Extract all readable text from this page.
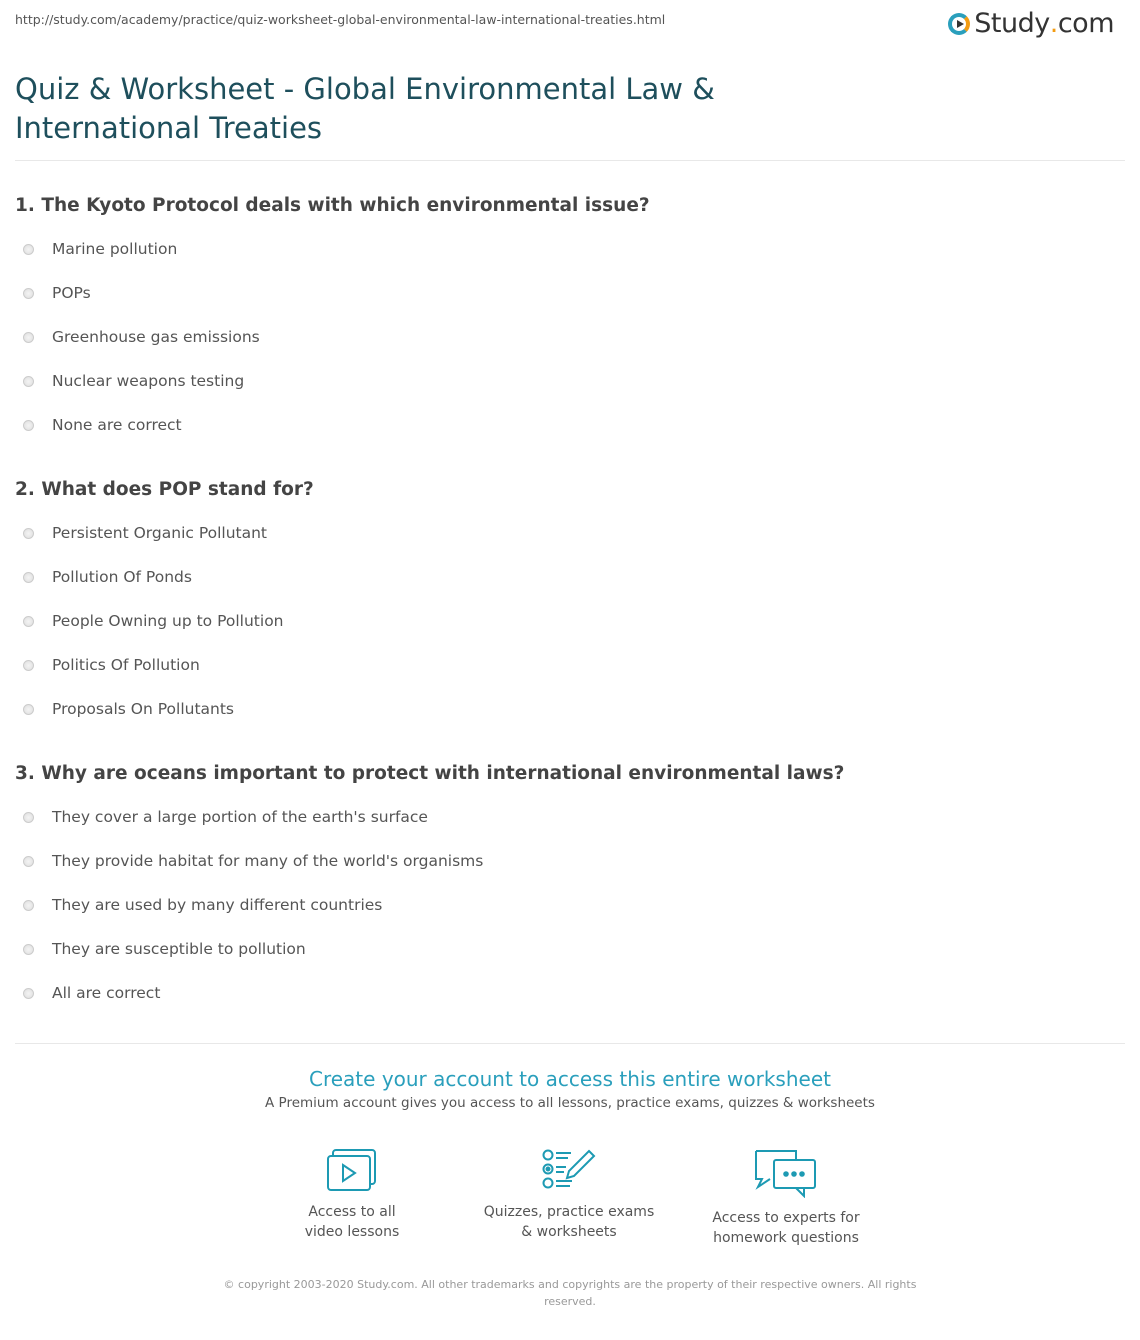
http://study.com/academy/practice/quiz-worksheet-global-environmental-law-international-treaties.html	Study . com
Quiz & Worksheet - Global Environmental Law & International Treaties
1. The Kyoto Protocol deals with which environmental issue?
Marine pollution
POPs
Greenhouse gas emissions
Nuclear weapons testing
None are correct
2. What does POP stand for?
Persistent Organic Pollutant
Pollution Of Ponds
People Owning up to Pollution
Politics Of Pollution
Proposals On Pollutants
3. Why are oceans important to protect with international environmental laws?
They cover a large portion of the earth's surface
They provide habitat for many of the world's organisms
They are used by many different countries
They are susceptible to pollution
All are correct
Create your account to access this entire worksheet
A Premium account gives you access to all lessons, practice exams, quizzes & worksheets
Access to all
video lessons
Quizzes, practice exams
& worksheets
Access to experts for
homework questions
© copyright 2003-2020 Study.com. All other trademarks and copyrights are the property of their respective owners. All rights reserved.
